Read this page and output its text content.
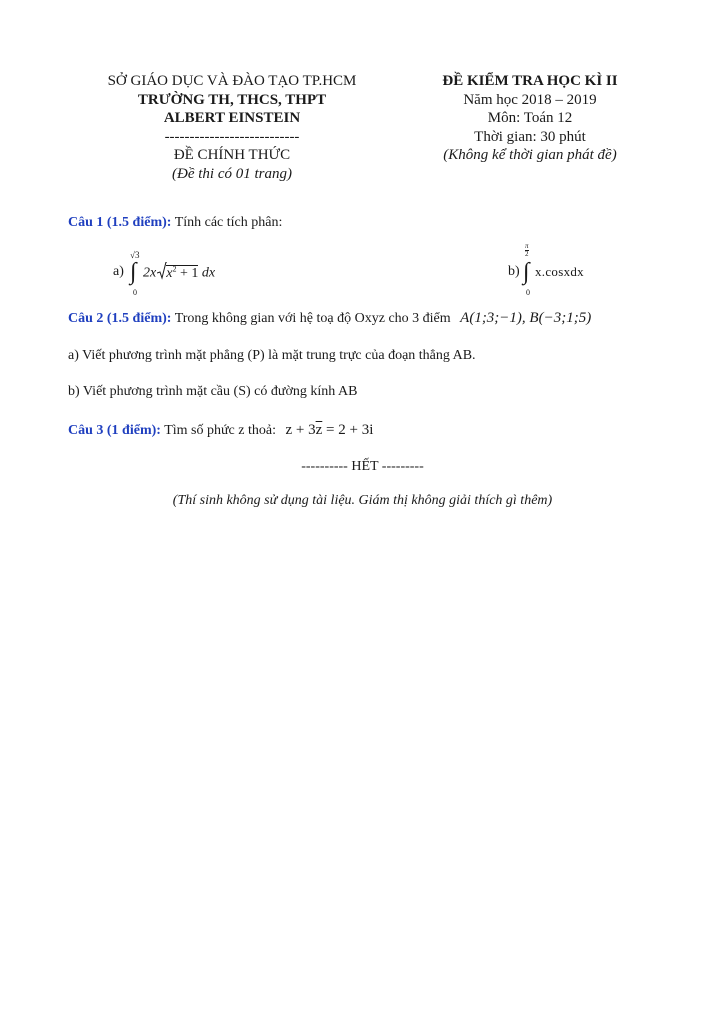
SỞ GIÁO DỤC VÀ ĐÀO TẠO TP.HCM
TRƯỜNG TH, THCS, THPT
ALBERT EINSTEIN
---------------------------
ĐỀ CHÍNH THỨC
(Đề thi có 01 trang)
ĐỀ KIỂM TRA HỌC KÌ II
Năm học 2018 – 2019
Môn: Toán 12
Thời gian: 30 phút
(Không kể thời gian phát đề)
Câu 1 (1.5 điểm): Tính các tích phân:
a)
√3
∫
0
2x $x^2 + 1$ dx	b)
$\frac{\pi}{2}$
∫
0
x.cosxdx
Câu 2 (1.5 điểm): Trong không gian với hệ toạ độ Oxyz cho 3 điểm A(1;3;−1), B(−3;1;5)
a) Viết phương trình mặt phẳng (P) là mặt trung trực của đoạn thẳng AB.
b) Viết phương trình mặt cầu (S) có đường kính AB
Câu 3 (1 điểm): Tìm số phức z thoả: $z + 3\overline{z} = 2 + 3i$
---------- HẾT ---------
(Thí sinh không sử dụng tài liệu. Giám thị không giải thích gì thêm)
